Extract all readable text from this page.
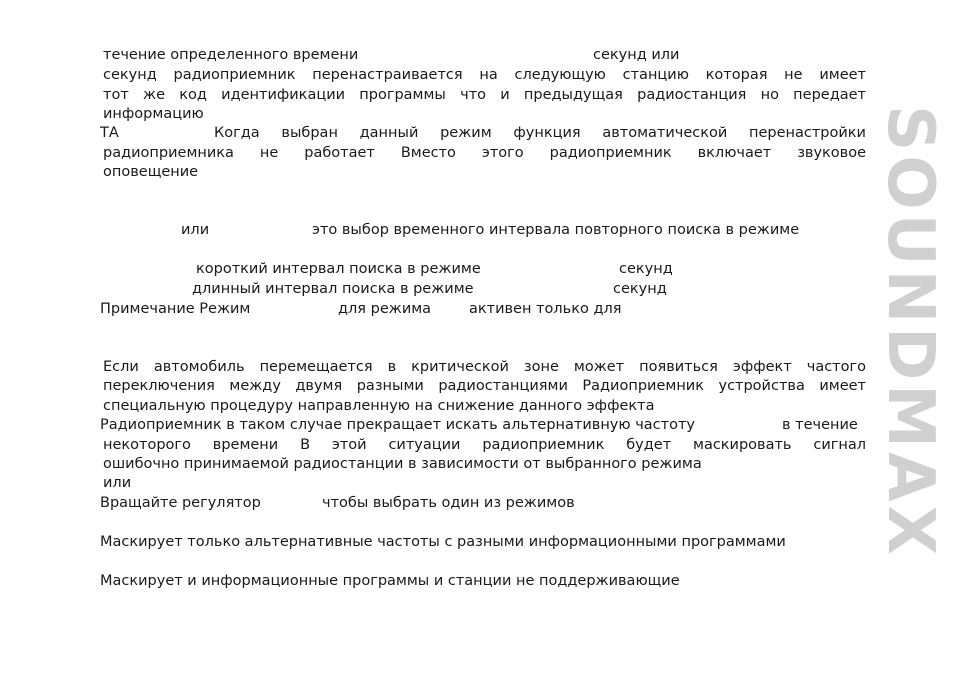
SOUNDMAX
течение определенного времени	секунд или
секунд радиоприемник перенастраивается на следующую станцию которая не имеет
тот же код идентификации программы что и предыдущая радиостанция но передает
информацию
ТА	Когда выбран данный режим функция автоматической перенастройки
радиоприемника не работает Вместо этого радиоприемник включает звуковое
оповещение
или	это выбор временного интервала повторного поиска в режиме
короткий интервал поиска в режиме	секунд
длинный интервал поиска в режиме	секунд
Примечание Режим	для режима	активен только для
Если автомобиль перемещается в критической зоне может появиться эффект частого
переключения между двумя разными радиостанциями Радиоприемник устройства имеет
специальную процедуру направленную на снижение данного эффекта
Радиоприемник в таком случае прекращает искать альтернативную частоту	в течение
некоторого времени В этой ситуации радиоприемник будет маскировать сигнал
ошибочно принимаемой радиостанции в зависимости от выбранного режима
или
Вращайте регулятор	чтобы выбрать один из режимов
Маскирует только альтернативные частоты с разными информационными программами
Маскирует и информационные программы и станции не поддерживающие
